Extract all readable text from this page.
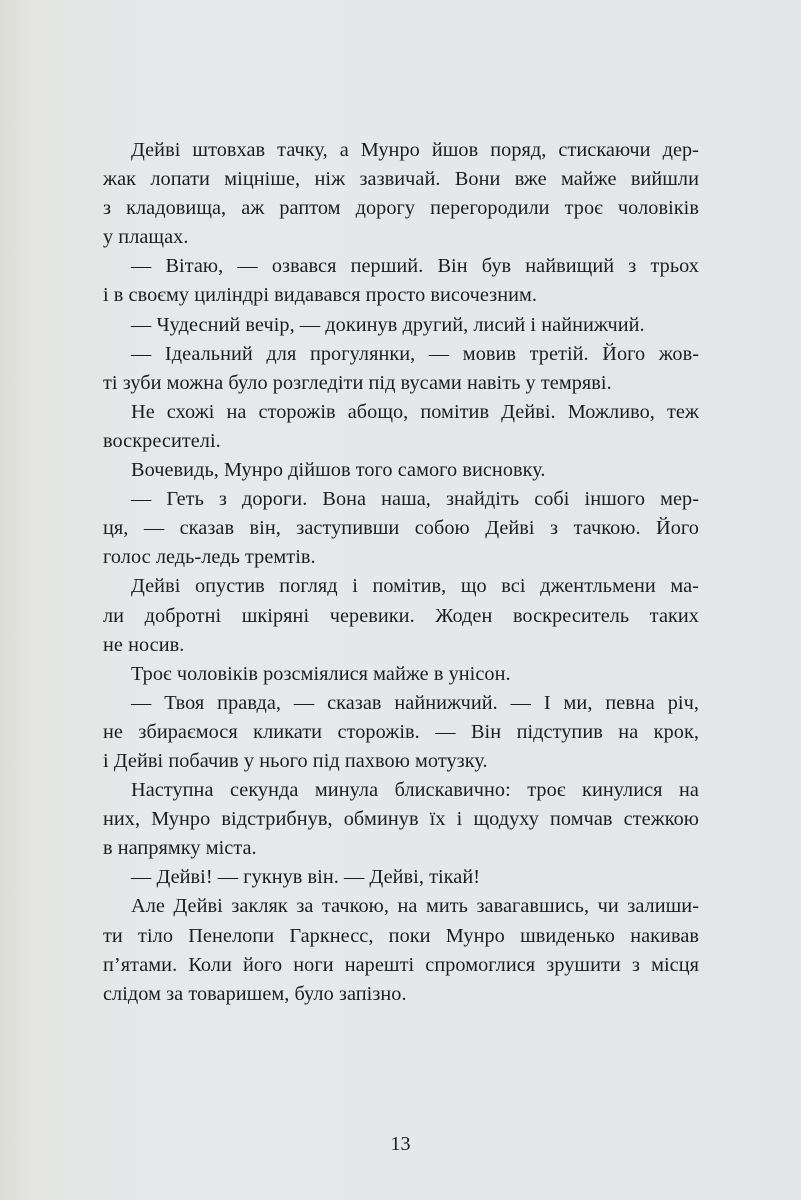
Дейві штовхав тачку, а Мунро йшов поряд, стискаючи дер-
жак лопати міцніше, ніж зазвичай. Вони вже майже вийшли
з кладовища, аж раптом дорогу перегородили троє чоловіків
у плащах.

— Вітаю, — озвався перший. Він був найвищий з трьох
і в своєму циліндрі видавався просто височезним.

— Чудесний вечір, — докинув другий, лисий і найнижчий.

— Ідеальний для прогулянки, — мовив третій. Його жов-
ті зуби можна було розгледіти під вусами навіть у темряві.

Не схожі на сторожів абощо, помітив Дейві. Можливо, теж
воскресителі.

Вочевидь, Мунро дійшов того самого висновку.

— Геть з дороги. Вона наша, знайдіть собі іншого мер-
ця, — сказав він, заступивши собою Дейві з тачкою. Його
голос ледь-ледь тремтів.

Дейві опустив погляд і помітив, що всі джентльмени ма-
ли добротні шкіряні черевики. Жоден воскреситель таких
не носив.

Троє чоловіків розсміялися майже в унісон.

— Твоя правда, — сказав найнижчий. — І ми, певна річ,
не збираємося кликати сторожів. — Він підступив на крок,
і Дейві побачив у нього під пахвою мотузку.

Наступна секунда минула блискавично: троє кинулися на
них, Мунро відстрибнув, обминув їх і щодуху помчав стежкою
в напрямку міста.

— Дейві! — гукнув він. — Дейві, тікай!

Але Дейві закляк за тачкою, на мить завагавшись, чи залиши-
ти тіло Пенелопи Гаркнесс, поки Мунро швиденько накивав
п’ятами. Коли його ноги нарешті спромоглися зрушити з місця
слідом за товаришем, було запізно.

13
